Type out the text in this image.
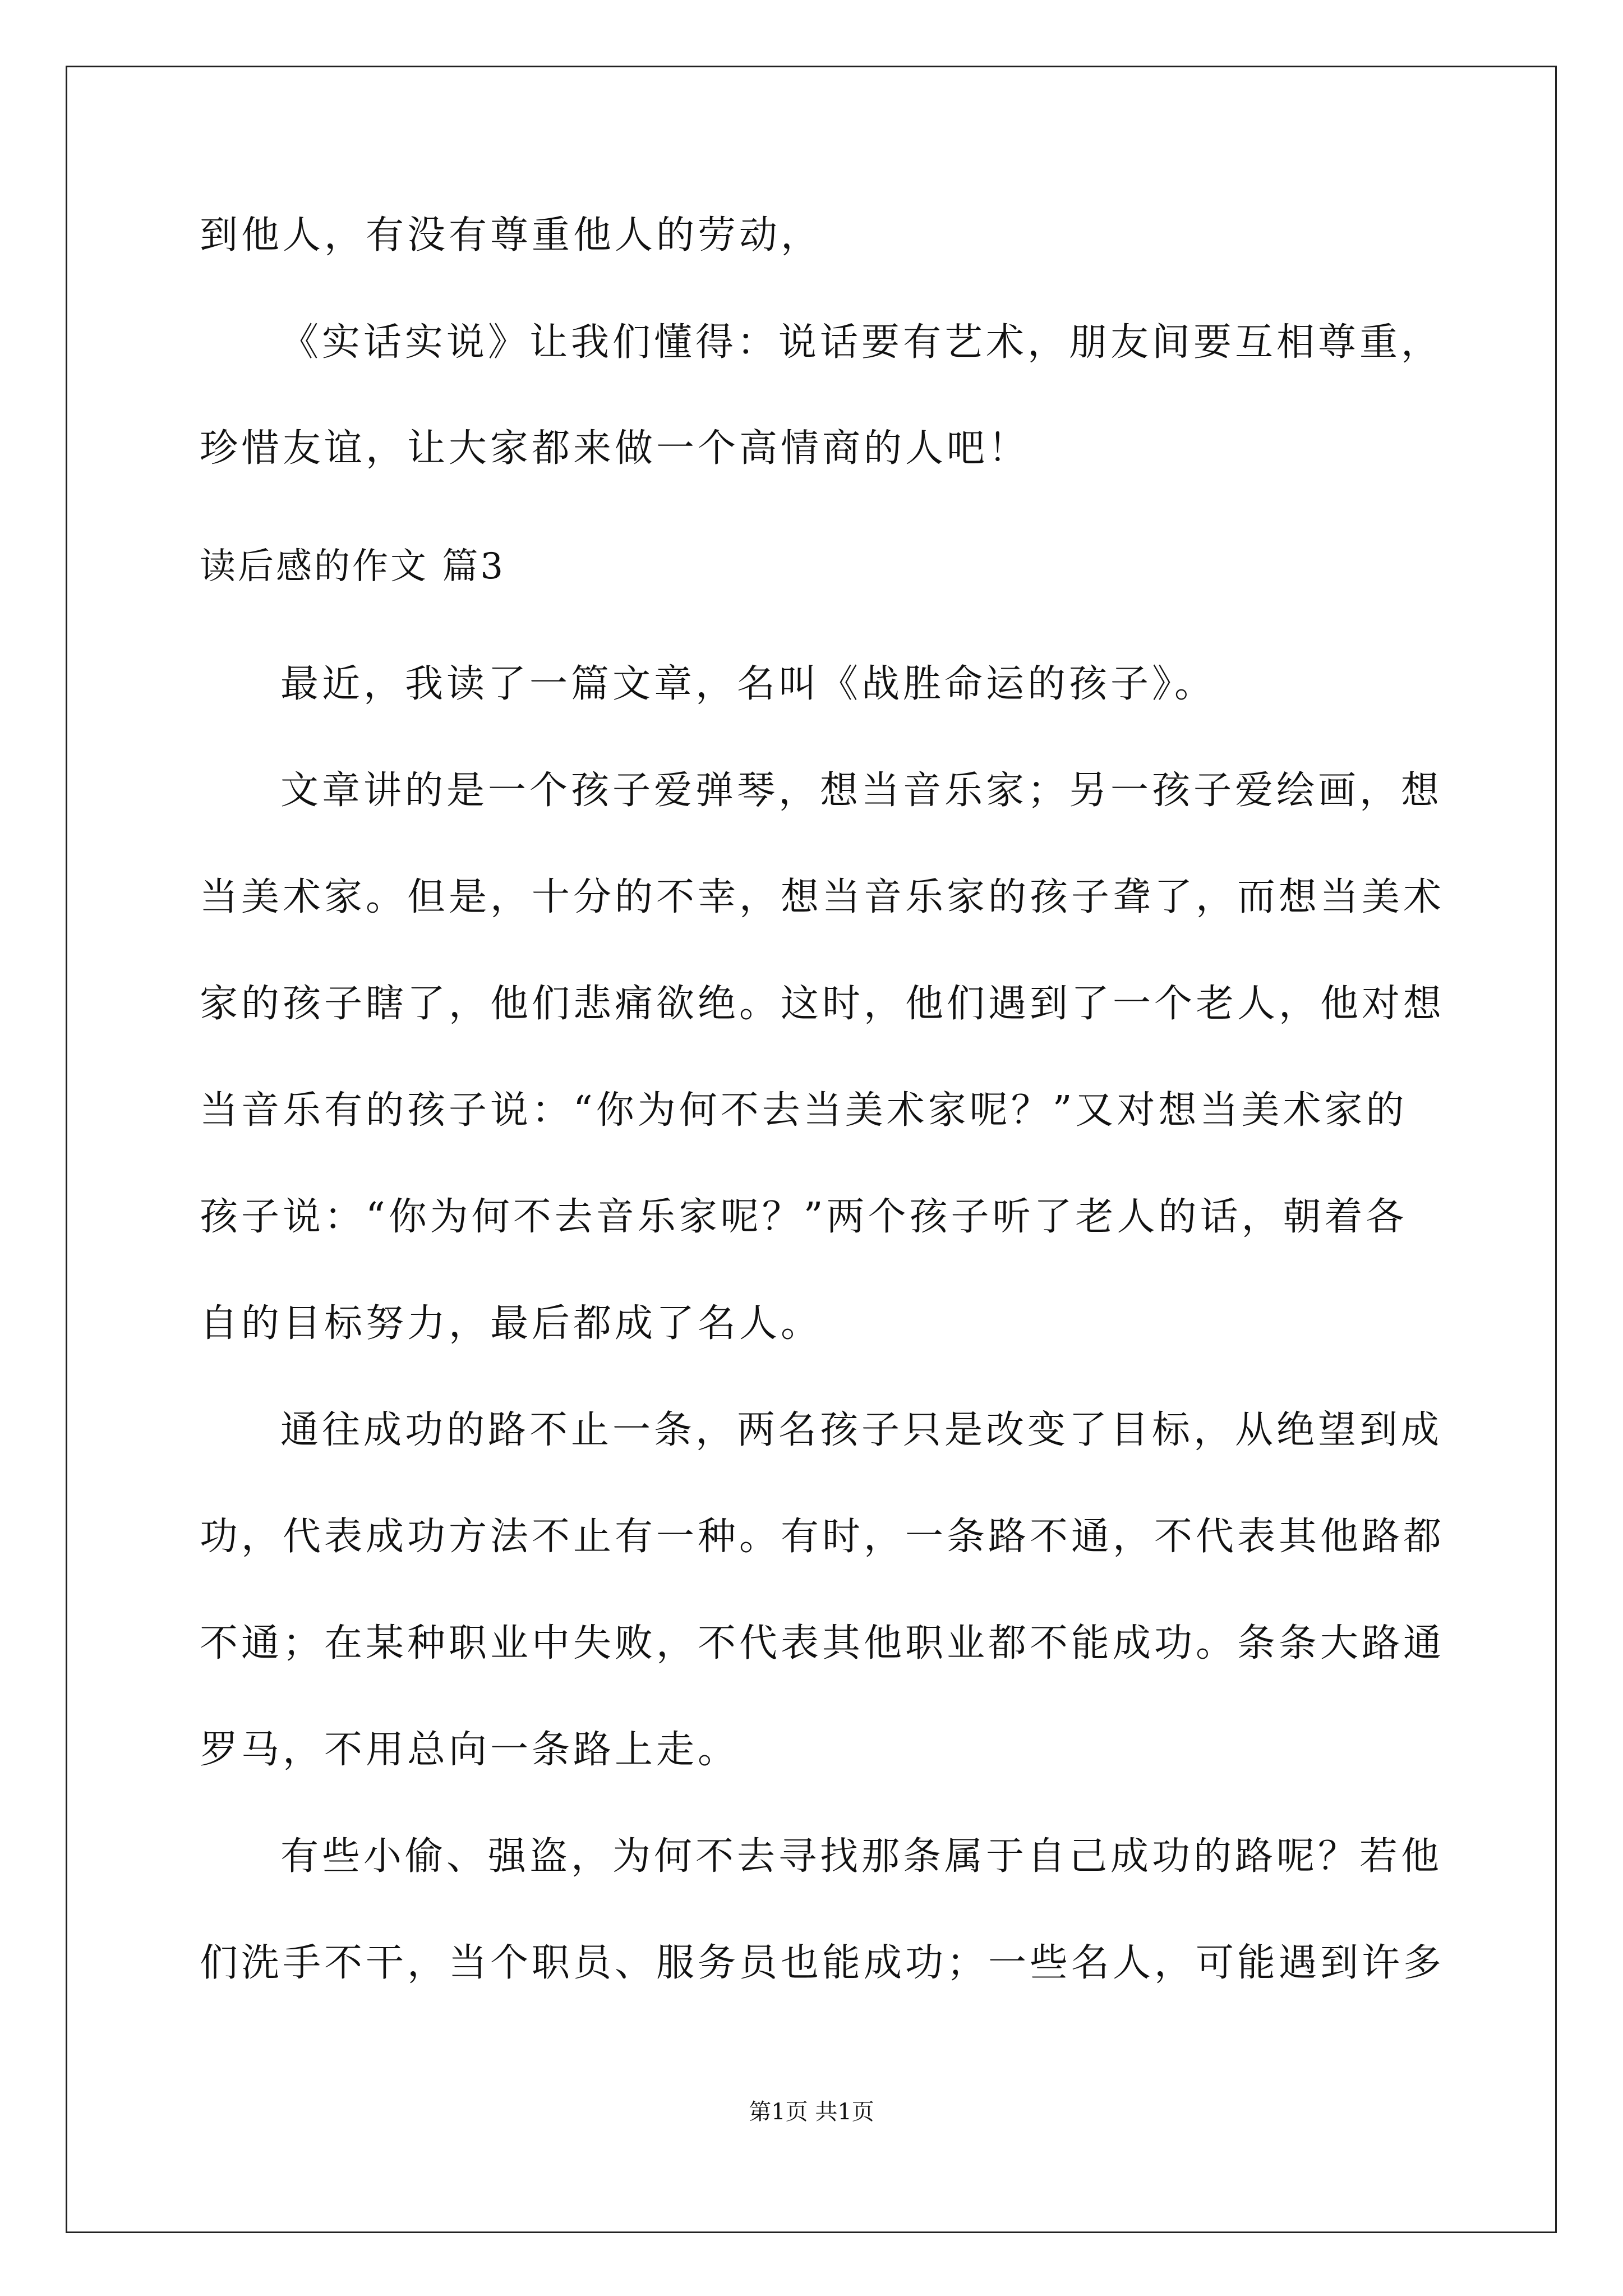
到他人，有没有尊重他人的劳动，
《实话实说》让我们懂得：说话要有艺术，朋友间要互相尊重，
珍惜友谊，让大家都来做一个高情商的人吧！
读后感的作文 篇3
最近，我读了一篇文章，名叫《战胜命运的孩子》。
文章讲的是一个孩子爱弹琴，想当音乐家；另一孩子爱绘画，想
当美术家。但是，十分的不幸，想当音乐家的孩子聋了，而想当美术
家的孩子瞎了，他们悲痛欲绝。这时，他们遇到了一个老人，他对想
当音乐有的孩子说：“你为何不去当美术家呢？”又对想当美术家的
孩子说：“你为何不去音乐家呢？”两个孩子听了老人的话，朝着各
自的目标努力，最后都成了名人。
通往成功的路不止一条，两名孩子只是改变了目标，从绝望到成
功，代表成功方法不止有一种。有时，一条路不通，不代表其他路都
不通；在某种职业中失败，不代表其他职业都不能成功。条条大路通
罗马，不用总向一条路上走。
有些小偷、强盗，为何不去寻找那条属于自己成功的路呢？若他
们洗手不干，当个职员、服务员也能成功；一些名人，可能遇到许多
第1页 共1页
